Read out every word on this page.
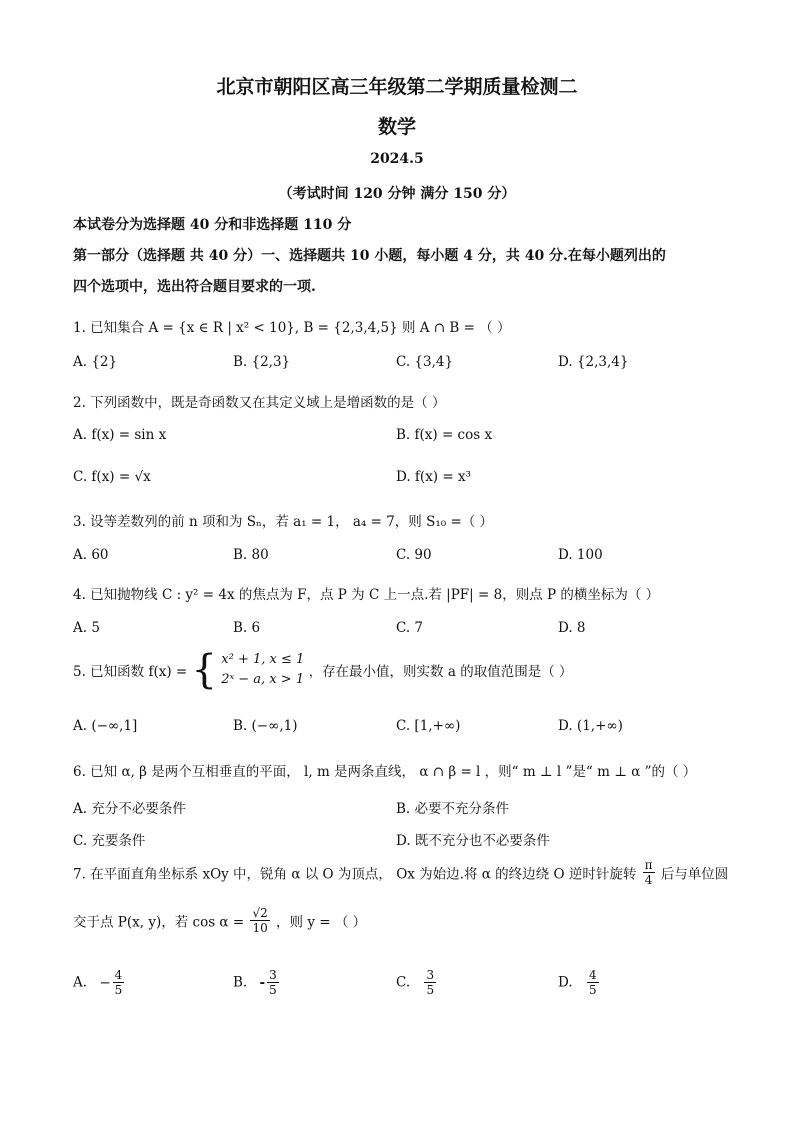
北京市朝阳区高三年级第二学期质量检测二
数学
2024.5
（考试时间 120 分钟 满分 150 分）
本试卷分为选择题 40 分和非选择题 110 分
第一部分（选择题 共 40 分）一、选择题共 10 小题，每小题 4 分，共 40 分.在每小题列出的
四个选项中，选出符合题目要求的一项.
1. 已知集合 A = {x ∈ R | x² < 10}, B = {2,3,4,5} 则 A ∩ B = （ ）
A. {2}	B. {2,3}	C. {3,4}	D. {2,3,4}
2. 下列函数中，既是奇函数又在其定义域上是增函数的是（ ）
A. f(x) = sin x	B. f(x) = cos x
C. f(x) = √x	D. f(x) = x³
3. 设等差数列的前 n 项和为 Sₙ，若 a₁ = 1， a₄ = 7，则 S₁₀ =（ ）
A. 60	B. 80	C. 90	D. 100
4. 已知抛物线 C : y² = 4x 的焦点为 F，点 P 为 C 上一点.若 |PF| = 8，则点 P 的横坐标为（ ）
A. 5	B. 6	C. 7	D. 8
5. 已知函数 f(x) = { x² + 1, x ≤ 1
2ˣ − a, x > 1 ，存在最小值，则实数 a 的取值范围是（ ）
A. (−∞,1]	B. (−∞,1)	C. [1,+∞)	D. (1,+∞)
6. 已知 α, β 是两个互相垂直的平面， l, m 是两条直线， α ∩ β = l ，则“ m ⊥ l ”是“ m ⊥ α ”的（ ）
A. 充分不必要条件	B. 必要不充分条件
C. 充要条件	D. 既不充分也不必要条件
7. 在平面直角坐标系 xOy 中，锐角 α 以 O 为顶点， Ox 为始边.将 α 的终边绕 O 逆时针旋转 $\frac{\pi}{4}$ 后与单位圆
交于点 P(x, y)，若 $\cos \alpha = \frac{√2}{10}$ ，则 y = （ ）
A. − $\frac{4}{5}$	B. - $\frac{3}{5}$	C. $\frac{3}{5}$	D. $\frac{4}{5}$
